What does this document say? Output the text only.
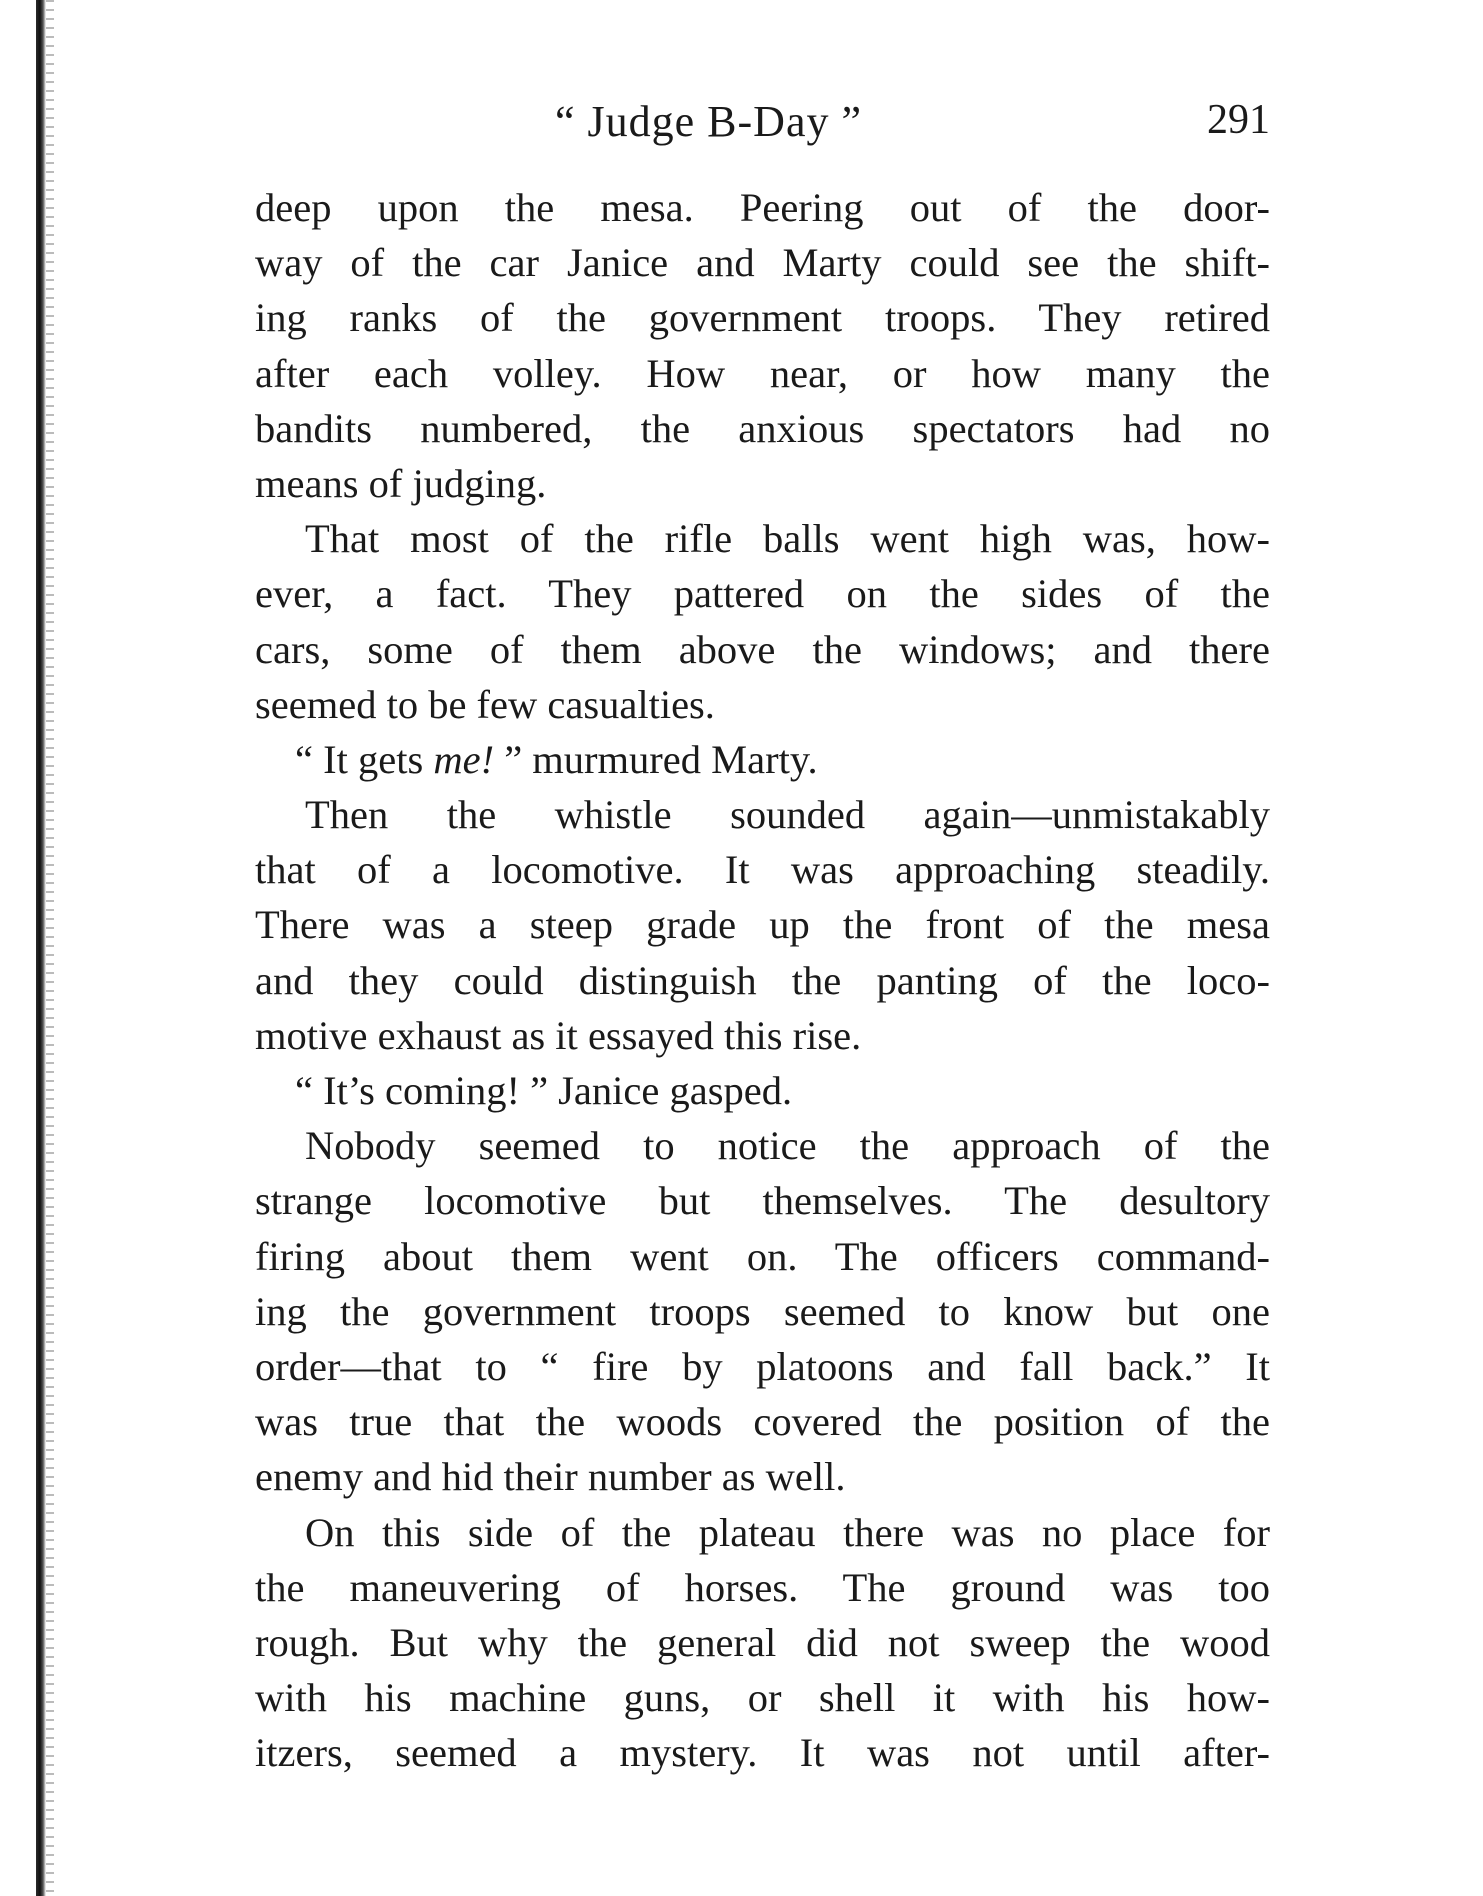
“ Judge B-Day ”	291
deep upon the mesa. Peering out of the door-
way of the car Janice and Marty could see the shift-
ing ranks of the government troops. They retired
after each volley. How near, or how many the
bandits numbered, the anxious spectators had no
means of judging.
That most of the rifle balls went high was, how-
ever, a fact. They pattered on the sides of the
cars, some of them above the windows; and there
seemed to be few casualties.
“ It gets me! ” murmured Marty.
Then the whistle sounded again—unmistakably
that of a locomotive. It was approaching steadily.
There was a steep grade up the front of the mesa
and they could distinguish the panting of the loco-
motive exhaust as it essayed this rise.
“ It’s coming! ” Janice gasped.
Nobody seemed to notice the approach of the
strange locomotive but themselves. The desultory
firing about them went on. The officers command-
ing the government troops seemed to know but one
order—that to “ fire by platoons and fall back.” It
was true that the woods covered the position of the
enemy and hid their number as well.
On this side of the plateau there was no place for
the maneuvering of horses. The ground was too
rough. But why the general did not sweep the wood
with his machine guns, or shell it with his how-
itzers, seemed a mystery. It was not until after-
